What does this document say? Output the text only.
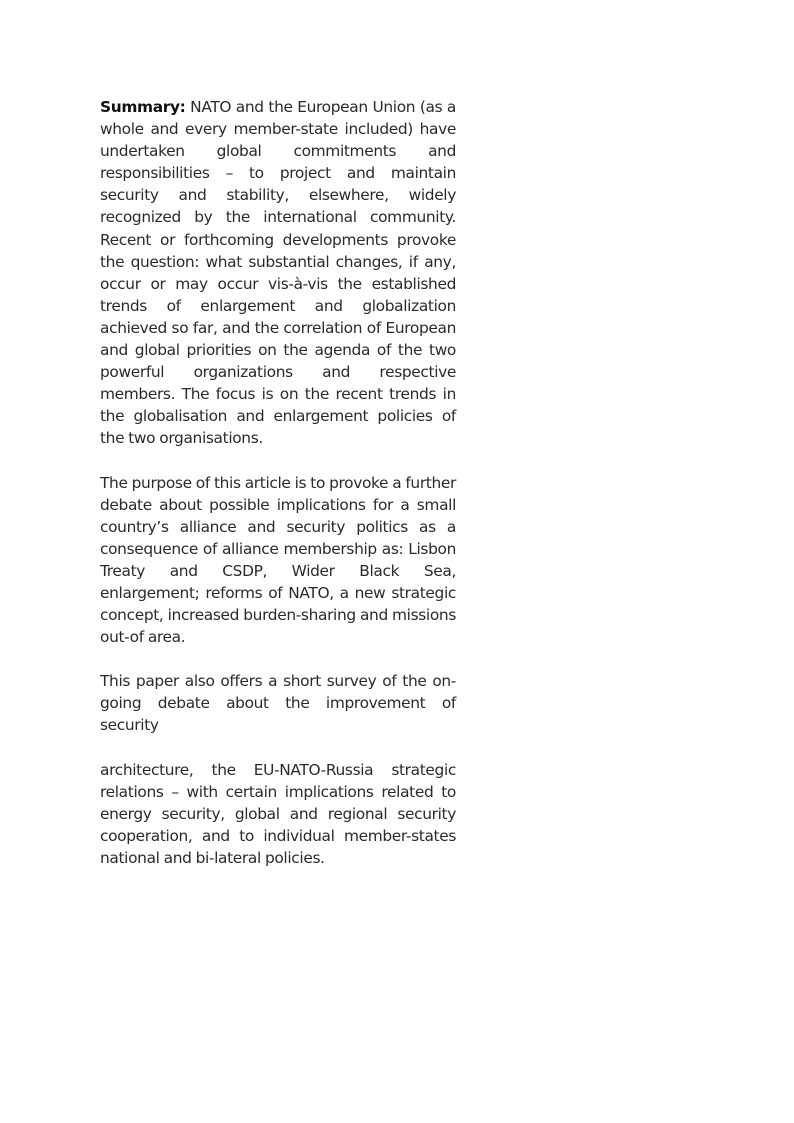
Summary: NATO and the European Union (as a whole and every member-state included) have undertaken global commitments and responsibilities – to project and maintain security and stability, elsewhere, widely recognized by the international community. Recent or forthcoming developments provoke the question: what substantial changes, if any, occur or may occur vis-à-vis the established trends of enlargement and globalization achieved so far, and the correlation of European and global priorities on the agenda of the two powerful organizations and respective members. The focus is on the recent trends in the globalisation and enlargement policies of the two organisations.

The purpose of this article is to provoke a further debate about possible implications for a small country’s alliance and security politics as a consequence of alliance membership as: Lisbon Treaty and CSDP, Wider Black Sea, enlargement; reforms of NATO, a new strategic concept, increased burden-sharing and missions out-of area.

This paper also offers a short survey of the on-going debate about the improvement of security

architecture, the EU-NATO-Russia strategic relations – with certain implications related to energy security, global and regional security cooperation, and to individual member-states national and bi-lateral policies.
